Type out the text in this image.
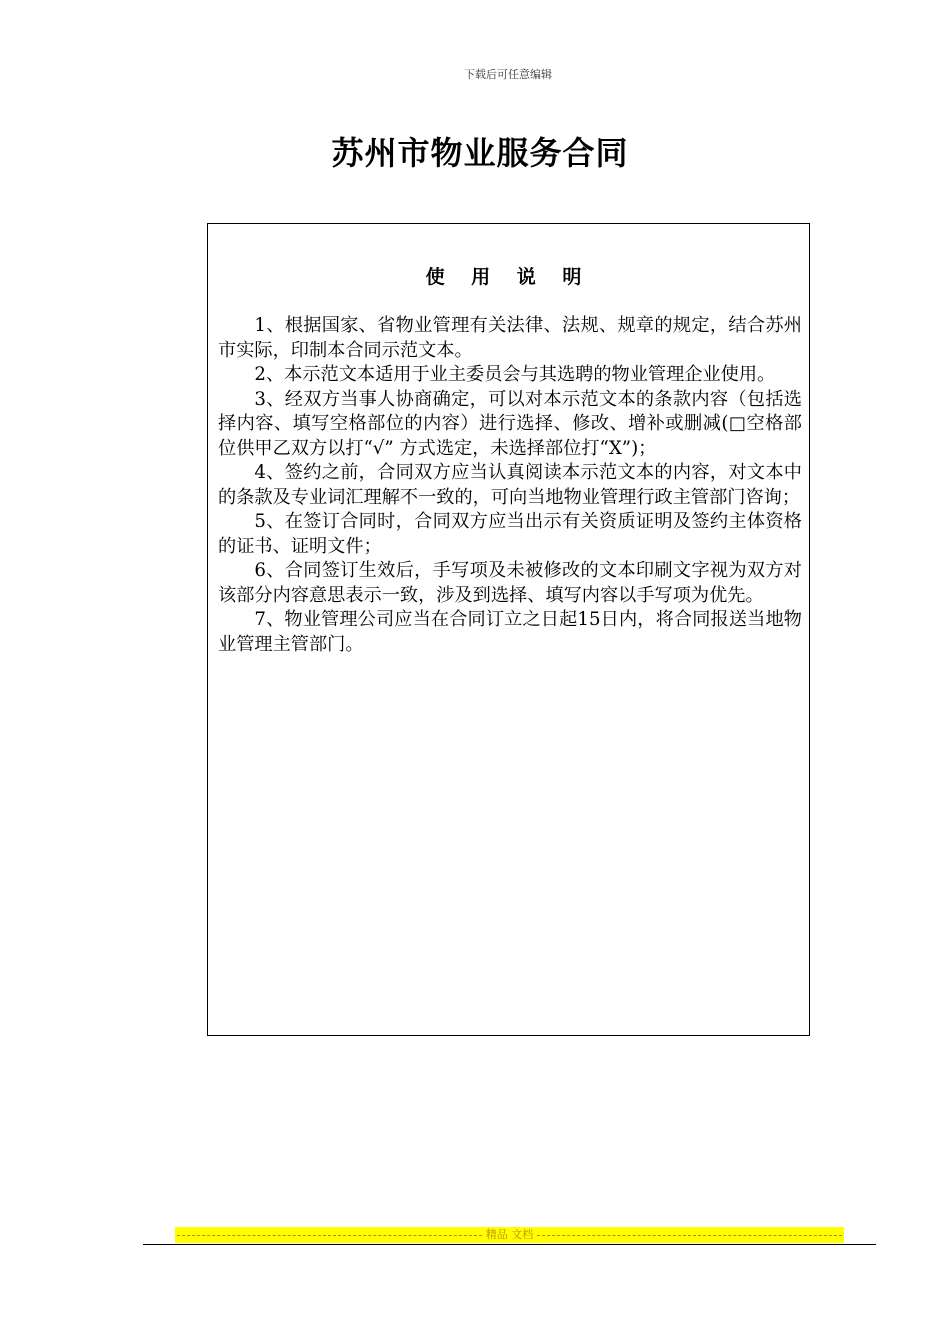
下载后可任意编辑
苏州市物业服务合同
使 用 说 明

1、根据国家、省物业管理有关法律、法规、规章的规定，结合苏州市实际，印制本合同示范文本。

2、本示范文本适用于业主委员会与其选聘的物业管理企业使用。

3、经双方当事人协商确定，可以对本示范文本的条款内容（包括选择内容、填写空格部位的内容）进行选择、修改、增补或删减(□空格部位供甲乙双方以打“√” 方式选定，未选择部位打“X”)；

4、签约之前，合同双方应当认真阅读本示范文本的内容，对文本中的条款及专业词汇理解不一致的，可向当地物业管理行政主管部门咨询；

5、在签订合同时，合同双方应当出示有关资质证明及签约主体资格的证书、证明文件；

6、合同签订生效后，手写项及未被修改的文本印刷文字视为双方对该部分内容意思表示一致，涉及到选择、填写内容以手写项为优先。

7、物业管理公司应当在合同订立之日起15日内，将合同报送当地物业管理主管部门。

精品 文档
